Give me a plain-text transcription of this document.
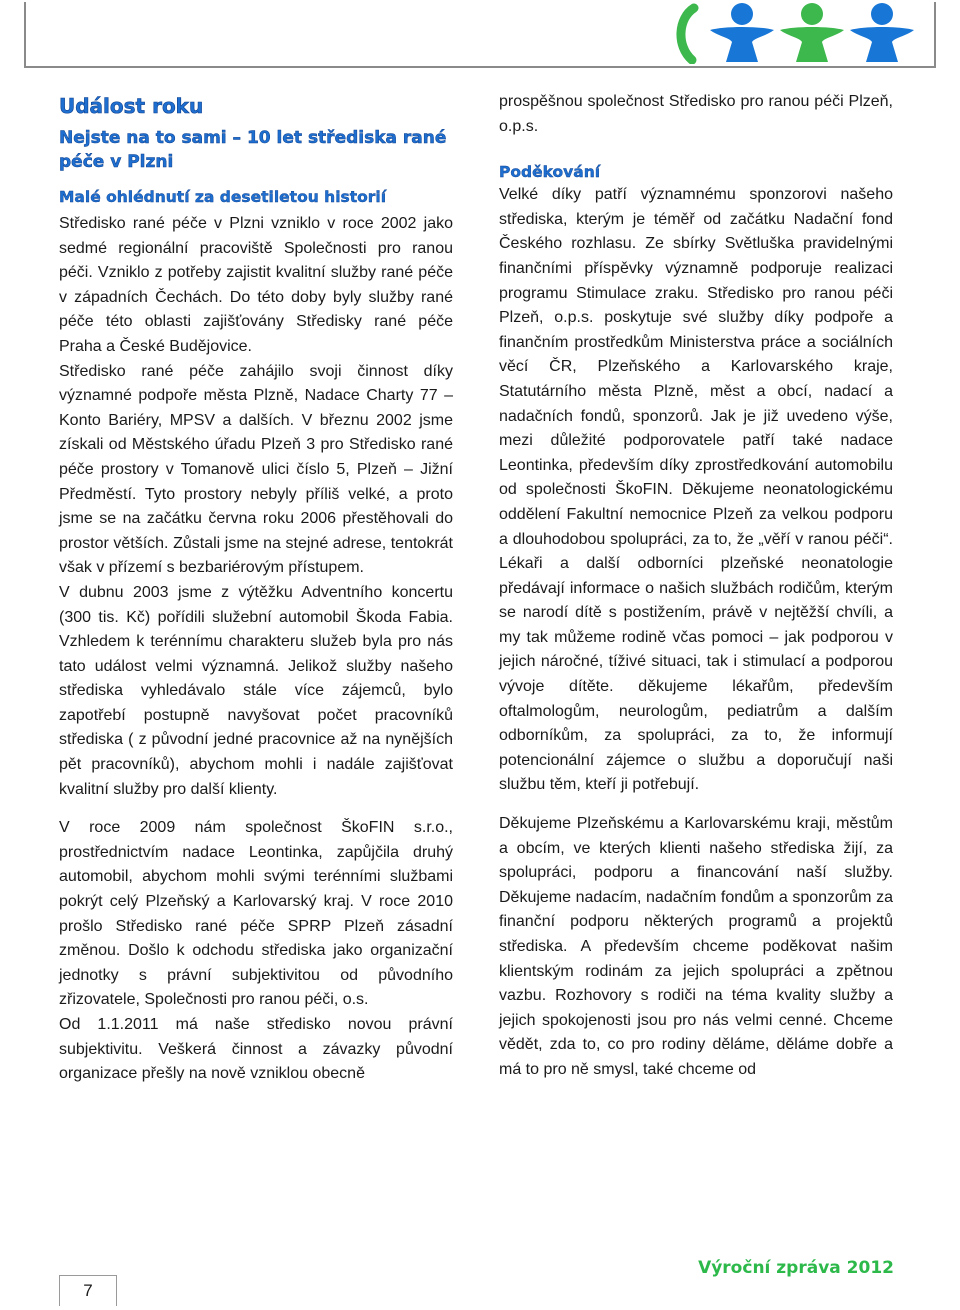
Událost roku
Nejste na to sami – 10 let střediska rané péče v Plzni
Malé ohlédnutí za desetiletou historií

Středisko rané péče v Plzni vzniklo v roce 2002 jako sedmé regionální pracoviště Společnosti pro ranou péči. Vzniklo z potřeby zajistit kvalitní služby rané péče v západních Čechách. Do této doby byly služby rané péče této oblasti zajišťovány Středisky rané péče Praha a České Budějovice.

Středisko rané péče zahájilo svoji činnost díky významné podpoře města Plzně, Nadace Charty 77 – Konto Bariéry, MPSV a dalších. V březnu 2002 jsme získali od Městského úřadu Plzeň 3 pro Středisko rané péče prostory v Tomanově ulici číslo 5, Plzeň – Jižní Předměstí. Tyto prostory nebyly příliš velké, a proto jsme se na začátku června roku 2006 přestěhovali do prostor větších. Zůstali jsme na stejné adrese, tentokrát však v přízemí s bezbariérovým přístupem.

V dubnu 2003 jsme z výtěžku Adventního koncertu (300 tis. Kč) pořídili služební automobil Škoda Fabia. Vzhledem k terénnímu charakteru služeb byla pro nás tato událost velmi významná. Jelikož služby našeho střediska vyhledávalo stále více zájemců, bylo zapotřebí postupně navyšovat počet pracovníků střediska ( z původní jedné pracovnice až na nynějších pět pracovníků), abychom mohli i nadále zajišťovat kvalitní služby pro další klienty.

V roce 2009 nám společnost ŠkoFIN s.r.o., prostřednictvím nadace Leontinka, zapůjčila druhý automobil, abychom mohli svými terénními službami pokrýt celý Plzeňský a Karlovarský kraj. V roce 2010 prošlo Středisko rané péče SPRP Plzeň zásadní změnou. Došlo k odchodu střediska jako organizační jednotky s právní subjektivitou od původního zřizovatele, Společnosti pro ranou péči, o.s.

Od 1.1.2011 má naše středisko novou právní subjektivitu. Veškerá činnost a závazky původní organizace přešly na nově vzniklou obecně

prospěšnou společnost Středisko pro ranou péči Plzeň, o.p.s.

Poděkování

Velké díky patří významnému sponzorovi našeho střediska, kterým je téměř od začátku Nadační fond Českého rozhlasu. Ze sbírky Světluška pravidelnými finančními příspěvky významně podporuje realizaci programu Stimulace zraku. Středisko pro ranou péči Plzeň, o.p.s. poskytuje své služby díky podpoře a finančním prostředkům Ministerstva práce a sociálních věcí ČR, Plzeňského a Karlovarského kraje, Statutárního města Plzně, měst a obcí, nadací a nadačních fondů, sponzorů. Jak je již uvedeno výše, mezi důležité podporovatele patří také nadace Leontinka, především díky zprostředkování automobilu od společnosti ŠkoFIN. Děkujeme neonatologickému oddělení Fakultní nemocnice Plzeň za velkou podporu a dlouhodobou spolupráci, za to, že „věří v ranou péči“. Lékaři a další odborníci plzeňské neonatologie předávají informace o našich službách rodičům, kterým se narodí dítě s postižením, právě v nejtěžší chvíli, a my tak můžeme rodině včas pomoci – jak podporou v jejich náročné, tíživé situaci, tak i stimulací a podporou vývoje dítěte. děkujeme lékařům, především oftalmologům, neurologům, pediatrům a dalším odborníkům, za spolupráci, za to, že informují potencionální zájemce o službu a doporučují naši službu těm, kteří ji potřebují.

Děkujeme Plzeňskému a Karlovarskému kraji, městům a obcím, ve kterých klienti našeho střediska žijí, za spolupráci, podporu a financování naší služby. Děkujeme nadacím, nadačním fondům a sponzorům za finanční podporu některých programů a projektů střediska. A především chceme poděkovat našim klientským rodinám za jejich spolupráci a zpětnou vazbu. Rozhovory s rodiči na téma kvality služby a jejich spokojenosti jsou pro nás velmi cenné. Chceme vědět, zda to, co pro rodiny děláme, děláme dobře a má to pro ně smysl, také chceme od

Výroční zpráva 2012
7
